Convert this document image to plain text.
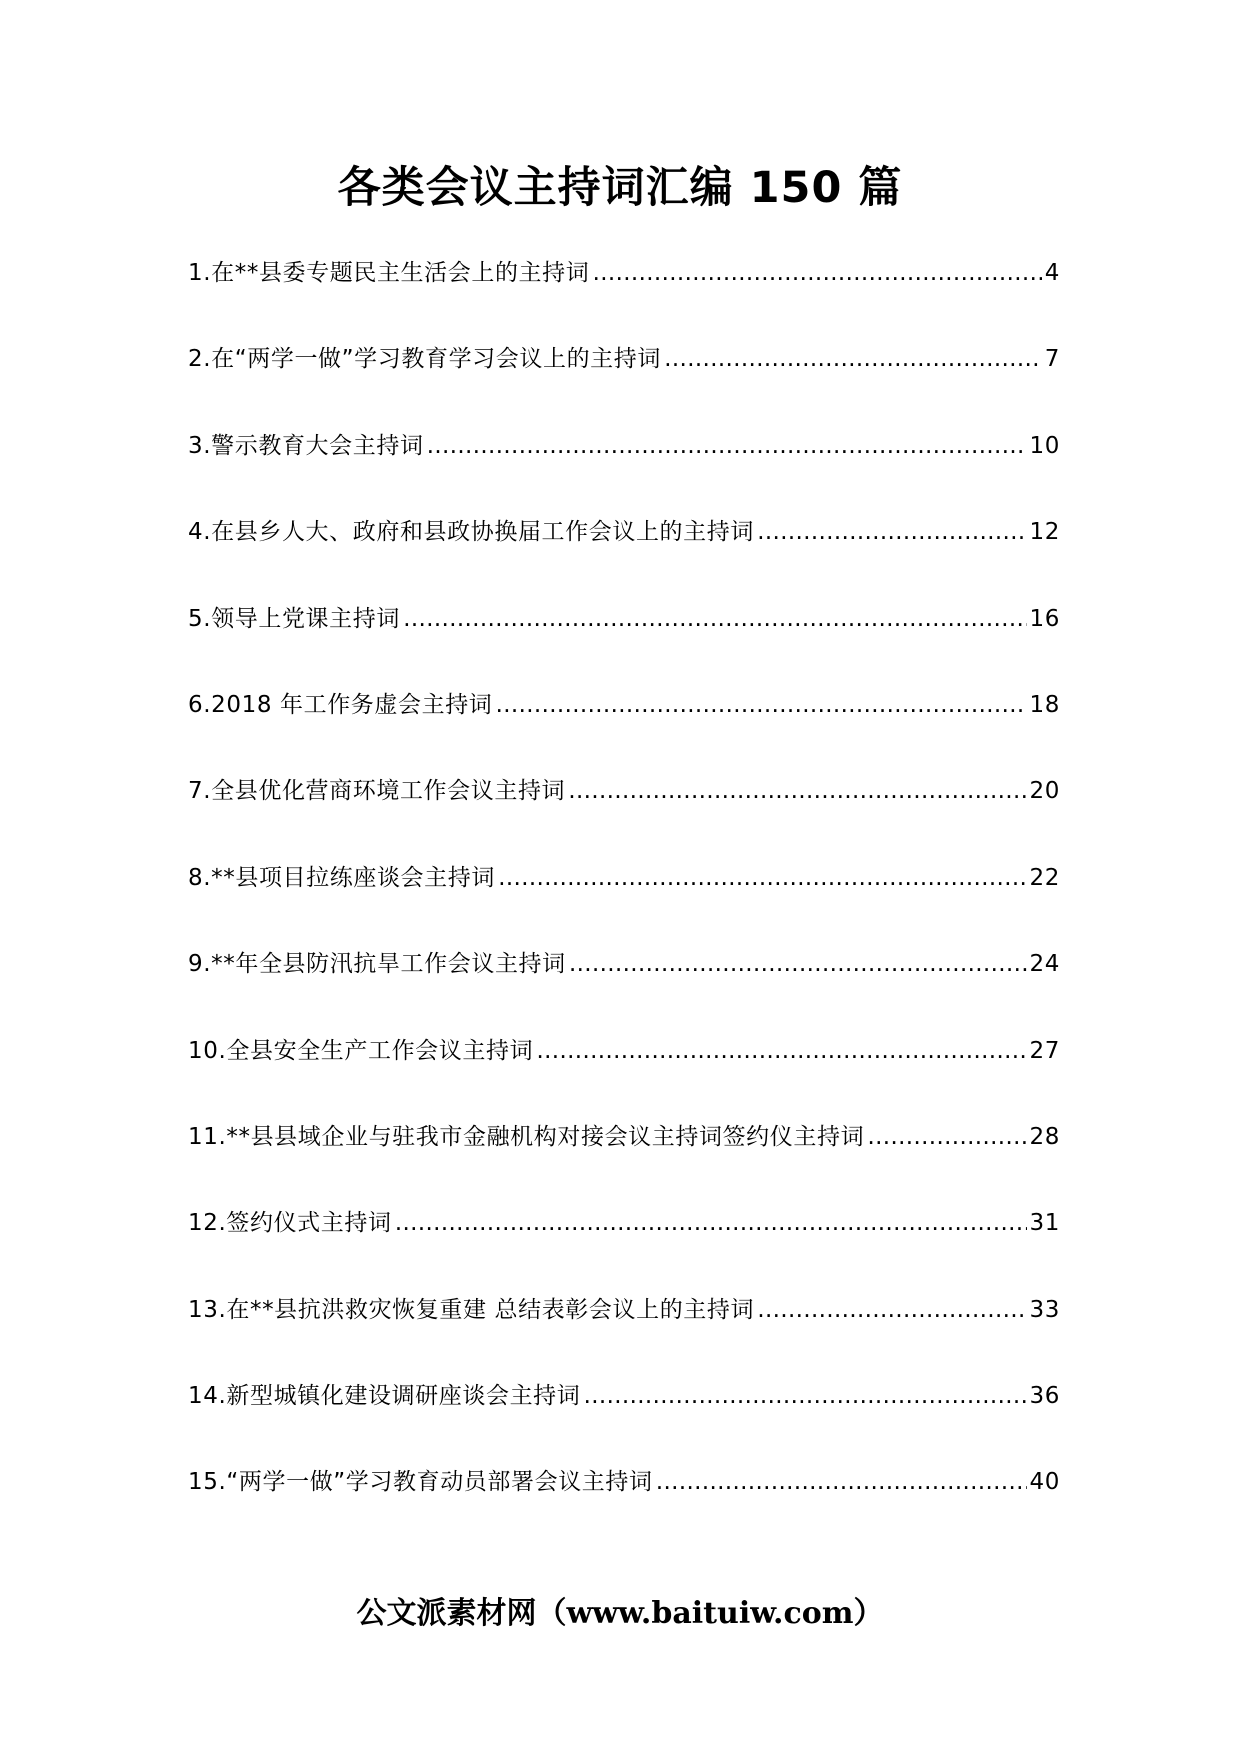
各类会议主持词汇编 150 篇
1.在**县委专题民主生活会上的主持词 …………………………………………………………………………………………………………………………………………	4
2.在“两学一做”学习教育学习会议上的主持词 …………………………………………………………………………………………………………………………………………	7
3.警示教育大会主持词 …………………………………………………………………………………………………………………………………………	10
4.在县乡人大、政府和县政协换届工作会议上的主持词 …………………………………………………………………………………………………………………………………………	12
5.领导上党课主持词 …………………………………………………………………………………………………………………………………………	16
6.2018 年工作务虚会主持词 …………………………………………………………………………………………………………………………………………	18
7.全县优化营商环境工作会议主持词 …………………………………………………………………………………………………………………………………………	20
8.**县项目拉练座谈会主持词 …………………………………………………………………………………………………………………………………………	22
9.**年全县防汛抗旱工作会议主持词 …………………………………………………………………………………………………………………………………………	24
10.全县安全生产工作会议主持词 …………………………………………………………………………………………………………………………………………	27
11.**县县域企业与驻我市金融机构对接会议主持词签约仪主持词 …………………………………………………………………………………………………………………………………………	28
12.签约仪式主持词 …………………………………………………………………………………………………………………………………………	31
13.在**县抗洪救灾恢复重建 总结表彰会议上的主持词 …………………………………………………………………………………………………………………………………………	33
14.新型城镇化建设调研座谈会主持词 …………………………………………………………………………………………………………………………………………	36
15.“两学一做”学习教育动员部署会议主持词 …………………………………………………………………………………………………………………………………………	40

公文派素材网（www.baituiw.com）
